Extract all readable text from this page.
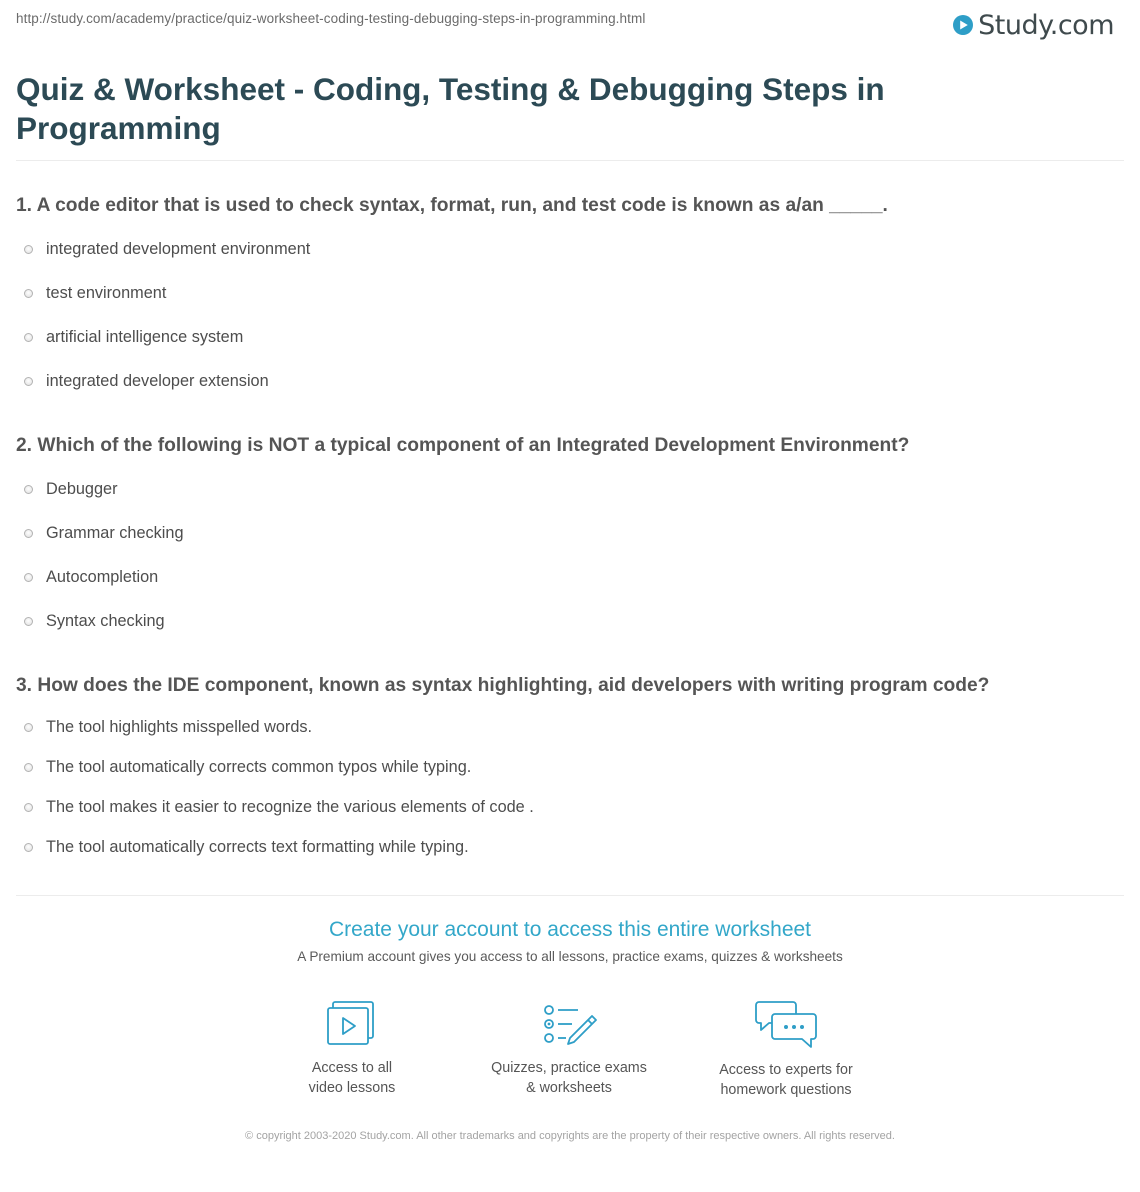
http://study.com/academy/practice/quiz-worksheet-coding-testing-debugging-steps-in-programming.html	Study.com
Quiz & Worksheet - Coding, Testing & Debugging Steps in Programming

1. A code editor that is used to check syntax, format, run, and test code is known as a/an _____.

integrated development environment
test environment
artificial intelligence system
integrated developer extension

2. Which of the following is NOT a typical component of an Integrated Development Environment?

Debugger
Grammar checking
Autocompletion
Syntax checking

3. How does the IDE component, known as syntax highlighting, aid developers with writing program code?

The tool highlights misspelled words.
The tool automatically corrects common typos while typing.
The tool makes it easier to recognize the various elements of code .
The tool automatically corrects text formatting while typing.
Create your account to access this entire worksheet
A Premium account gives you access to all lessons, practice exams, quizzes & worksheets
Access to all
video lessons
Quizzes, practice exams
& worksheets
Access to experts for
homework questions
© copyright 2003-2020 Study.com. All other trademarks and copyrights are the property of their respective owners. All rights reserved.
